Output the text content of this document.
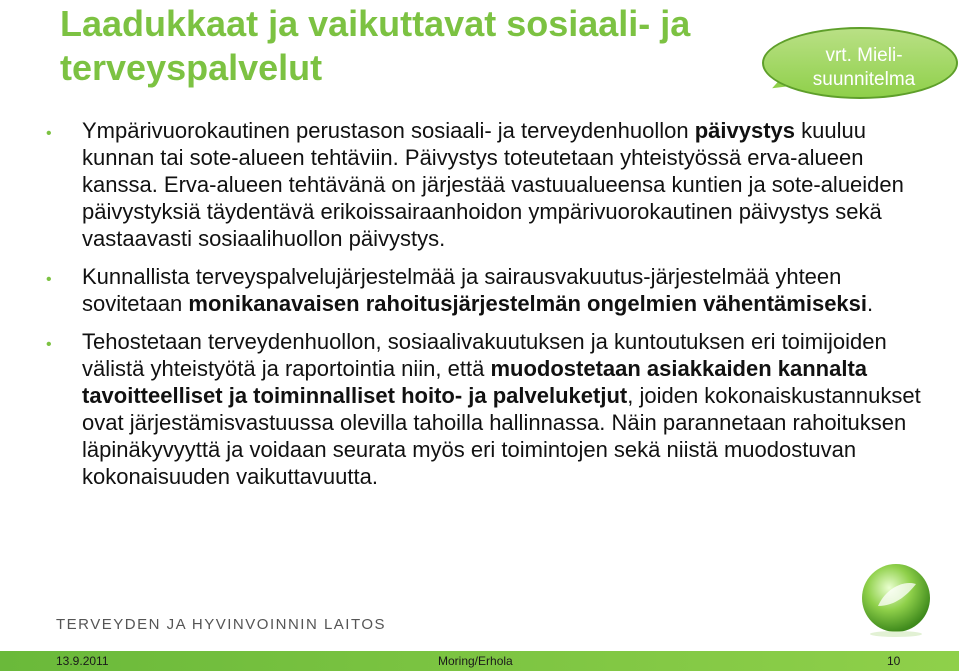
Laadukkaat ja vaikuttavat sosiaali- ja terveyspalvelut	vrt. Mieli-suunnitelma
• Ympärivuorokautinen perustason sosiaali- ja terveydenhuollon päivystys kuuluu kunnan tai sote-alueen tehtäviin. Päivystys toteutetaan yhteistyössä erva-alueen kanssa. Erva-alueen tehtävänä on järjestää vastuualueensa kuntien ja sote-alueiden päivystyksiä täydentävä erikoissairaanhoidon ympärivuorokautinen päivystys sekä vastaavasti sosiaalihuollon päivystys.
• Kunnallista terveyspalvelujärjestelmää ja sairausvakuutus-järjestelmää yhteen sovitetaan monikanavaisen rahoitusjärjestelmän ongelmien vähentämiseksi.
• Tehostetaan terveydenhuollon, sosiaalivakuutuksen ja kuntoutuksen eri toimijoiden välistä yhteistyötä ja raportointia niin, että muodostetaan asiakkaiden kannalta tavoitteelliset ja toiminnalliset hoito- ja palveluketjut, joiden kokonaiskustannukset ovat järjestämisvastuussa olevilla tahoilla hallinnassa. Näin parannetaan rahoituksen läpinäkyvyyttä ja voidaan seurata myös eri toimintojen sekä niistä muodostuvan kokonaisuuden vaikuttavuutta.
TERVEYDEN JA HYVINVOINNIN LAITOS
13.9.2011	Moring/Erhola	10
